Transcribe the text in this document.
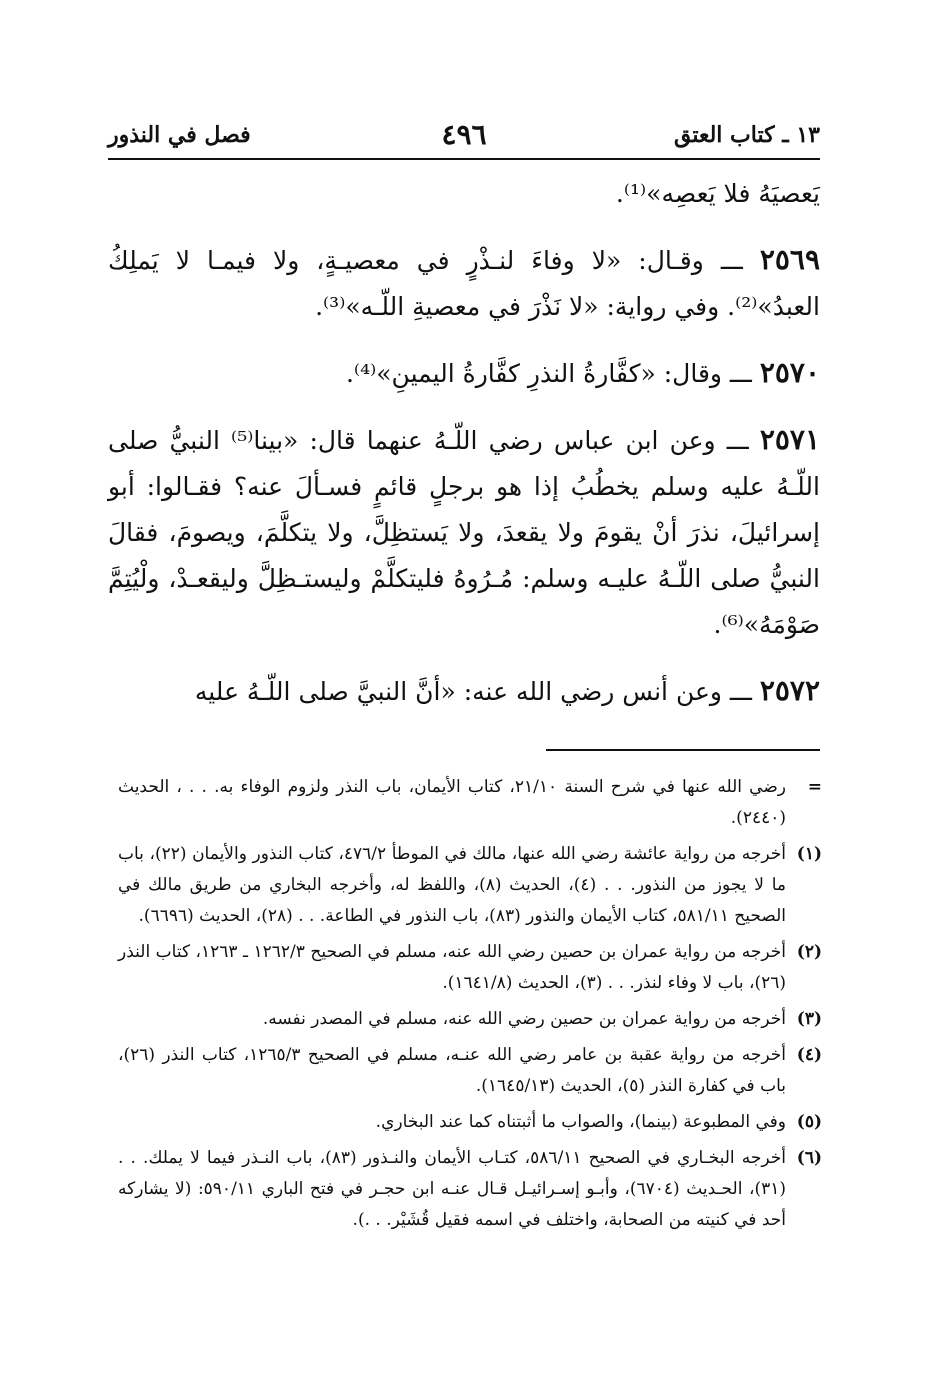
١٣ ـ كتاب العتق
٤٩٦
فصل في النذور

يَعصيَهُ فلا يَعصِه»⁽¹⁾.

٢٥٦٩ ـــ وقـال: «لا وفاءَ لنـذْرٍ في معصيـةٍ، ولا فيمـا لا يَملِكُ العبدُ»⁽²⁾. وفي رواية: «لا نَذْرَ في معصيةِ اللّـه»⁽³⁾.

٢٥٧٠ ـــ وقال: «كفَّارةُ النذرِ كفَّارةُ اليمينِ»⁽⁴⁾.

٢٥٧١ ـــ وعن ابن عباس رضي اللّـهُ عنهما قال: «بينا⁽⁵⁾ النبيُّ صلى اللّـهُ عليه وسلم يخطُبُ إذا هو برجلٍ قائمٍ فسـألَ عنه؟ فقـالوا: أبو إسرائيلَ، نذرَ أنْ يقومَ ولا يقعدَ، ولا يَستظِلَّ، ولا يتكلَّمَ، ويصومَ، فقالَ النبيُّ صلى اللّـهُ عليـه وسلم: مُـرُوهُ فليتكلَّمْ وليستـظِلَّ وليقعـدْ، ولْيُتِمَّ صَوْمَهُ»⁽⁶⁾.

٢٥٧٢ ـــ وعن أنس رضي الله عنه: «أنَّ النبيَّ صلى اللّـهُ عليه

=
رضي الله عنها في شرح السنة ٢١/١٠، كتاب الأيمان، باب النذر ولزوم الوفاء به. . . ، الحديث (٢٤٤٠).
(١)
أخرجه من رواية عائشة رضي الله عنها، مالك في الموطأ ٤٧٦/٢، كتاب النذور والأيمان (٢٢)، باب ما لا يجوز من النذور. . . (٤)، الحديث (٨)، واللفظ له، وأخرجه البخاري من طريق مالك في الصحيح ٥٨١/١١، كتاب الأيمان والنذور (٨٣)، باب النذور في الطاعة. . . (٢٨)، الحديث (٦٦٩٦).
(٢)
أخرجه من رواية عمران بن حصين رضي الله عنه، مسلم في الصحيح ١٢٦٢/٣ ـ ١٢٦٣، كتاب النذر (٢٦)، باب لا وفاء لنذر. . . (٣)، الحديث (١٦٤١/٨).
(٣)
أخرجه من رواية عمران بن حصين رضي الله عنه، مسلم في المصدر نفسه.
(٤)
أخرجه من رواية عقبة بن عامر رضي الله عنـه، مسلم في الصحيح ١٢٦٥/٣، كتاب النذر (٢٦)، باب في كفارة النذر (٥)، الحديث (١٦٤٥/١٣).
(٥)
وفي المطبوعة (بينما)، والصواب ما أثبتناه كما عند البخاري.
(٦)
أخرجه البخـاري في الصحيح ٥٨٦/١١، كتـاب الأيمان والنـذور (٨٣)، باب النـذر فيما لا يملك. . . (٣١)، الحـديث (٦٧٠٤)، وأبـو إسـرائيـل قـال عنـه ابن حجـر في فتح الباري ٥٩٠/١١: (لا يشاركه أحد في كنيته من الصحابة، واختلف في اسمه فقيل قُشَيْر. . .).
